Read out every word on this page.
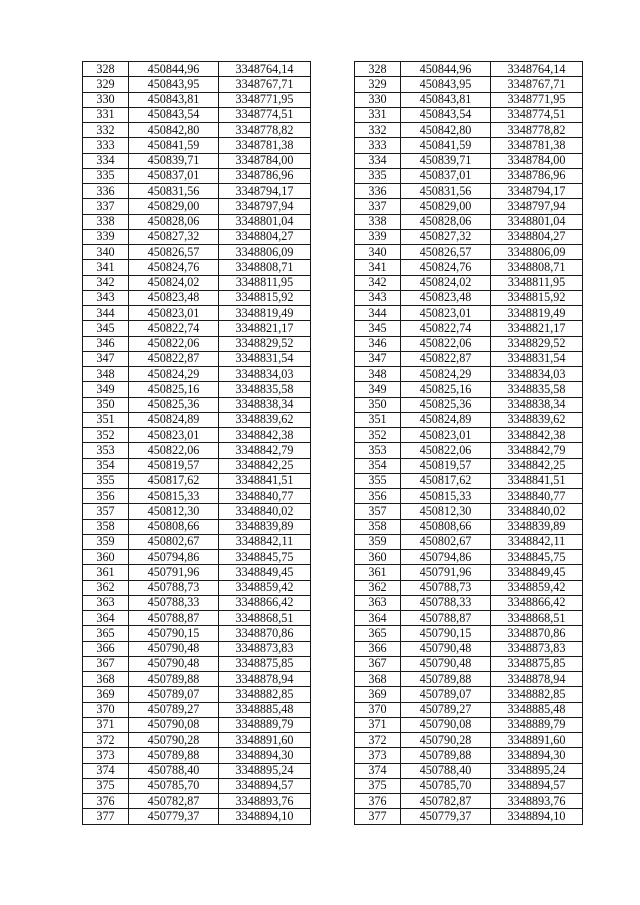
328	450844,96	3348764,14		328	450844,96	3348764,14
329	450843,95	3348767,71		329	450843,95	3348767,71
330	450843,81	3348771,95		330	450843,81	3348771,95
331	450843,54	3348774,51		331	450843,54	3348774,51
332	450842,80	3348778,82		332	450842,80	3348778,82
333	450841,59	3348781,38		333	450841,59	3348781,38
334	450839,71	3348784,00		334	450839,71	3348784,00
335	450837,01	3348786,96		335	450837,01	3348786,96
336	450831,56	3348794,17		336	450831,56	3348794,17
337	450829,00	3348797,94		337	450829,00	3348797,94
338	450828,06	3348801,04		338	450828,06	3348801,04
339	450827,32	3348804,27		339	450827,32	3348804,27
340	450826,57	3348806,09		340	450826,57	3348806,09
341	450824,76	3348808,71		341	450824,76	3348808,71
342	450824,02	3348811,95		342	450824,02	3348811,95
343	450823,48	3348815,92		343	450823,48	3348815,92
344	450823,01	3348819,49		344	450823,01	3348819,49
345	450822,74	3348821,17		345	450822,74	3348821,17
346	450822,06	3348829,52		346	450822,06	3348829,52
347	450822,87	3348831,54		347	450822,87	3348831,54
348	450824,29	3348834,03		348	450824,29	3348834,03
349	450825,16	3348835,58		349	450825,16	3348835,58
350	450825,36	3348838,34		350	450825,36	3348838,34
351	450824,89	3348839,62		351	450824,89	3348839,62
352	450823,01	3348842,38		352	450823,01	3348842,38
353	450822,06	3348842,79		353	450822,06	3348842,79
354	450819,57	3348842,25		354	450819,57	3348842,25
355	450817,62	3348841,51		355	450817,62	3348841,51
356	450815,33	3348840,77		356	450815,33	3348840,77
357	450812,30	3348840,02		357	450812,30	3348840,02
358	450808,66	3348839,89		358	450808,66	3348839,89
359	450802,67	3348842,11		359	450802,67	3348842,11
360	450794,86	3348845,75		360	450794,86	3348845,75
361	450791,96	3348849,45		361	450791,96	3348849,45
362	450788,73	3348859,42		362	450788,73	3348859,42
363	450788,33	3348866,42		363	450788,33	3348866,42
364	450788,87	3348868,51		364	450788,87	3348868,51
365	450790,15	3348870,86		365	450790,15	3348870,86
366	450790,48	3348873,83		366	450790,48	3348873,83
367	450790,48	3348875,85		367	450790,48	3348875,85
368	450789,88	3348878,94		368	450789,88	3348878,94
369	450789,07	3348882,85		369	450789,07	3348882,85
370	450789,27	3348885,48		370	450789,27	3348885,48
371	450790,08	3348889,79		371	450790,08	3348889,79
372	450790,28	3348891,60		372	450790,28	3348891,60
373	450789,88	3348894,30		373	450789,88	3348894,30
374	450788,40	3348895,24		374	450788,40	3348895,24
375	450785,70	3348894,57		375	450785,70	3348894,57
376	450782,87	3348893,76		376	450782,87	3348893,76
377	450779,37	3348894,10		377	450779,37	3348894,10
